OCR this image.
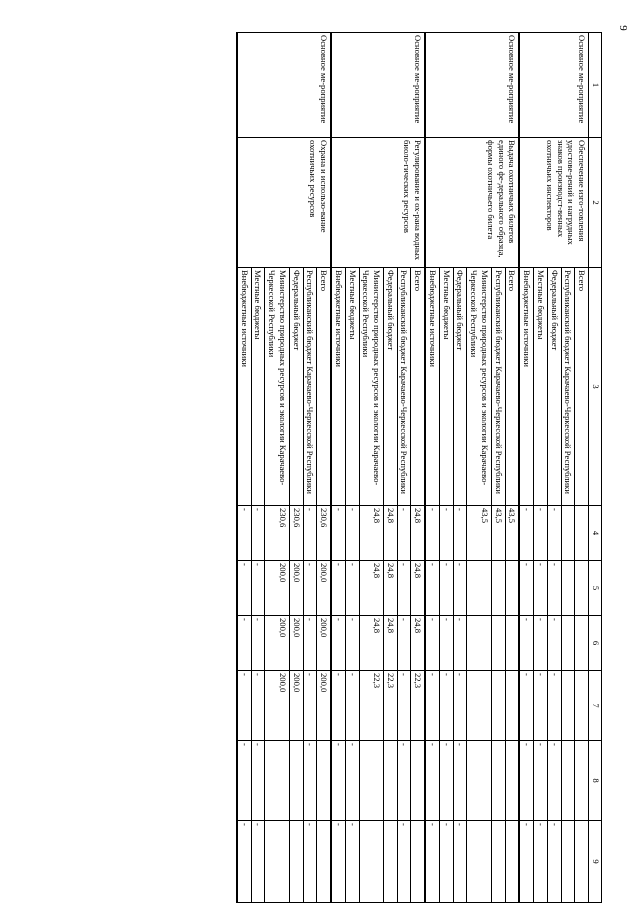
9
1	2	3	4	5	6	7	8	9
Основное ме-роприятие	Обеспечение изго-товления удостове-рений и нагрудных знаков производст-венных охотничьих инспекторов	Всего						
		Республиканский бюджет Карачаево-Черкесской Республики						
		Федеральный бюджет	-	-	-	-	-	-
		Местные бюджеты	-	-	-	-	-	-
		Внебюджетные источники	-	-	-	-	-	-
Основное ме-роприятие	Выдача охотничьих билетов единого фе-дерального образца, формы охотничьего билета	Всего	43,5					
		Республиканский бюджет Карачаево-Черкесской Республики	43,5					
		Министерство природных ресурсов и экологии Карачаево-Черкесской Республики	43,5					
		Федеральный бюджет	-	-	-	-	-	-
		Местные бюджеты	-	-	-	-	-	-
		Внебюджетные источники	-	-	-	-	-	-
Основное ме-роприятие	Регулирование и ох-рана водных биоло-гических ресурсов	Всего	24,8	24,8	24,8	22,3		
		Республиканский бюджет Карачаево-Черкесской Республики	-	-	-	-	-	-
		Федеральный бюджет	24,8	24,8	24,8	22,3		
		Министерство природных ресурсов и экологии Карачаево-Черкесской Республики	24,8	24,8	24,8	22,3		
		Местные бюджеты	-	-	-	-	-	-
		Внебюджетные источники	-	-	-	-	-	-
Основное ме-роприятие	Охрана и использо-вание охотничьих ресурсов	Всего	230,6	200,0	200,0	200,0		
		Республиканский бюджет Карачаево-Черкесской Республики	-	-	-	-	-	-
		Федеральный бюджет	230,6	200,0	200,0	200,0		
		Министерство природных ресурсов и экологии Карачаево-Черкесской Республики	230,6	200,0	200,0	200,0		
		Местные бюджеты	-	-	-	-	-	-
		Внебюджетные источники	-	-	-	-	-	-
